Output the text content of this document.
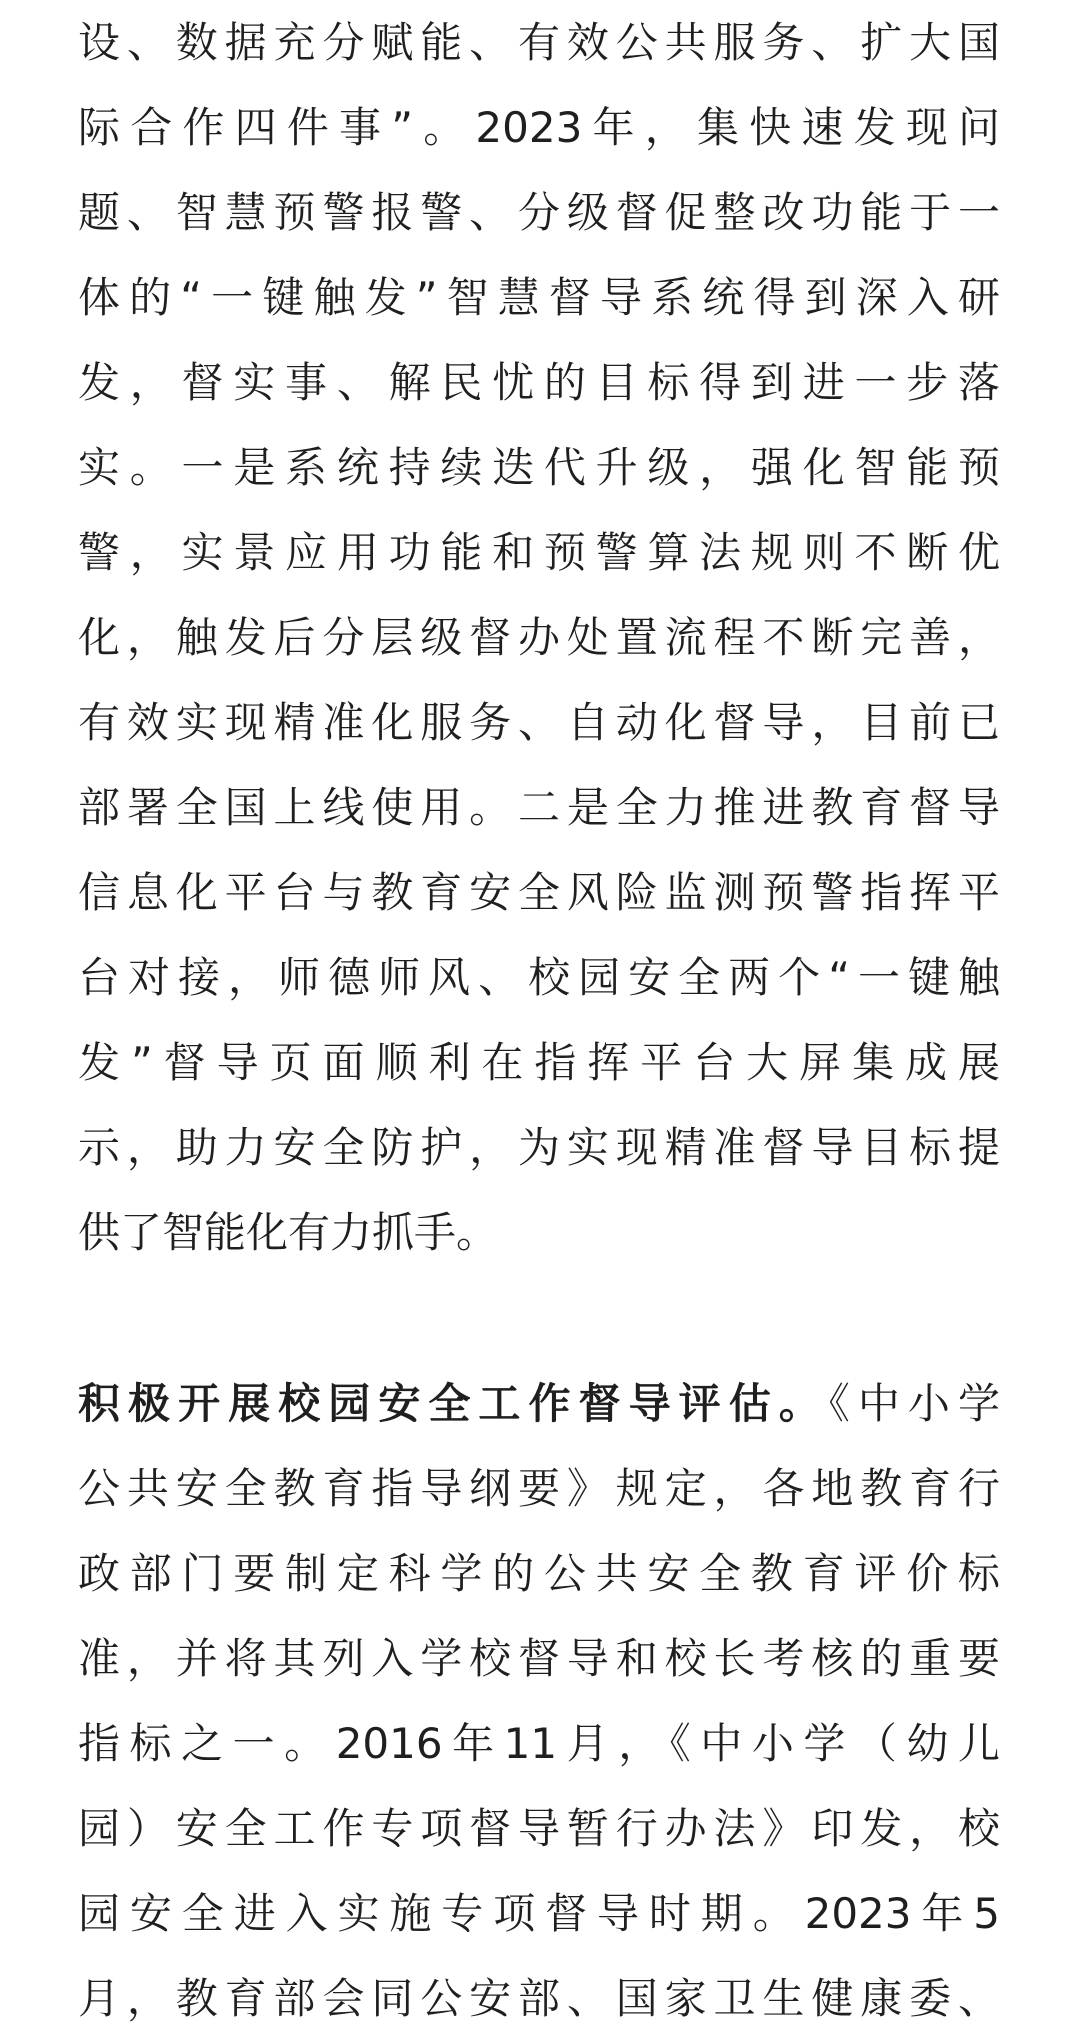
设、数据充分赋能、有效公共服务、扩大国
际合作四件事”。2023年，集快速发现问
题、智慧预警报警、分级督促整改功能于一
体的“一键触发”智慧督导系统得到深入研
发，督实事、解民忧的目标得到进一步落
实。一是系统持续迭代升级，强化智能预
警，实景应用功能和预警算法规则不断优
化，触发后分层级督办处置流程不断完善，
有效实现精准化服务、自动化督导，目前已
部署全国上线使用。二是全力推进教育督导
信息化平台与教育安全风险监测预警指挥平
台对接，师德师风、校园安全两个“一键触
发”督导页面顺利在指挥平台大屏集成展
示，助力安全防护，为实现精准督导目标提
供了智能化有力抓手。
积极开展校园安全工作督导评估。《中小学
公共安全教育指导纲要》规定，各地教育行
政部门要制定科学的公共安全教育评价标
准，并将其列入学校督导和校长考核的重要
指标之一。2016年11月，《中小学（幼儿
园）安全工作专项督导暂行办法》印发，校
园安全进入实施专项督导时期。2023年5
月，教育部会同公安部、国家卫生健康委、
